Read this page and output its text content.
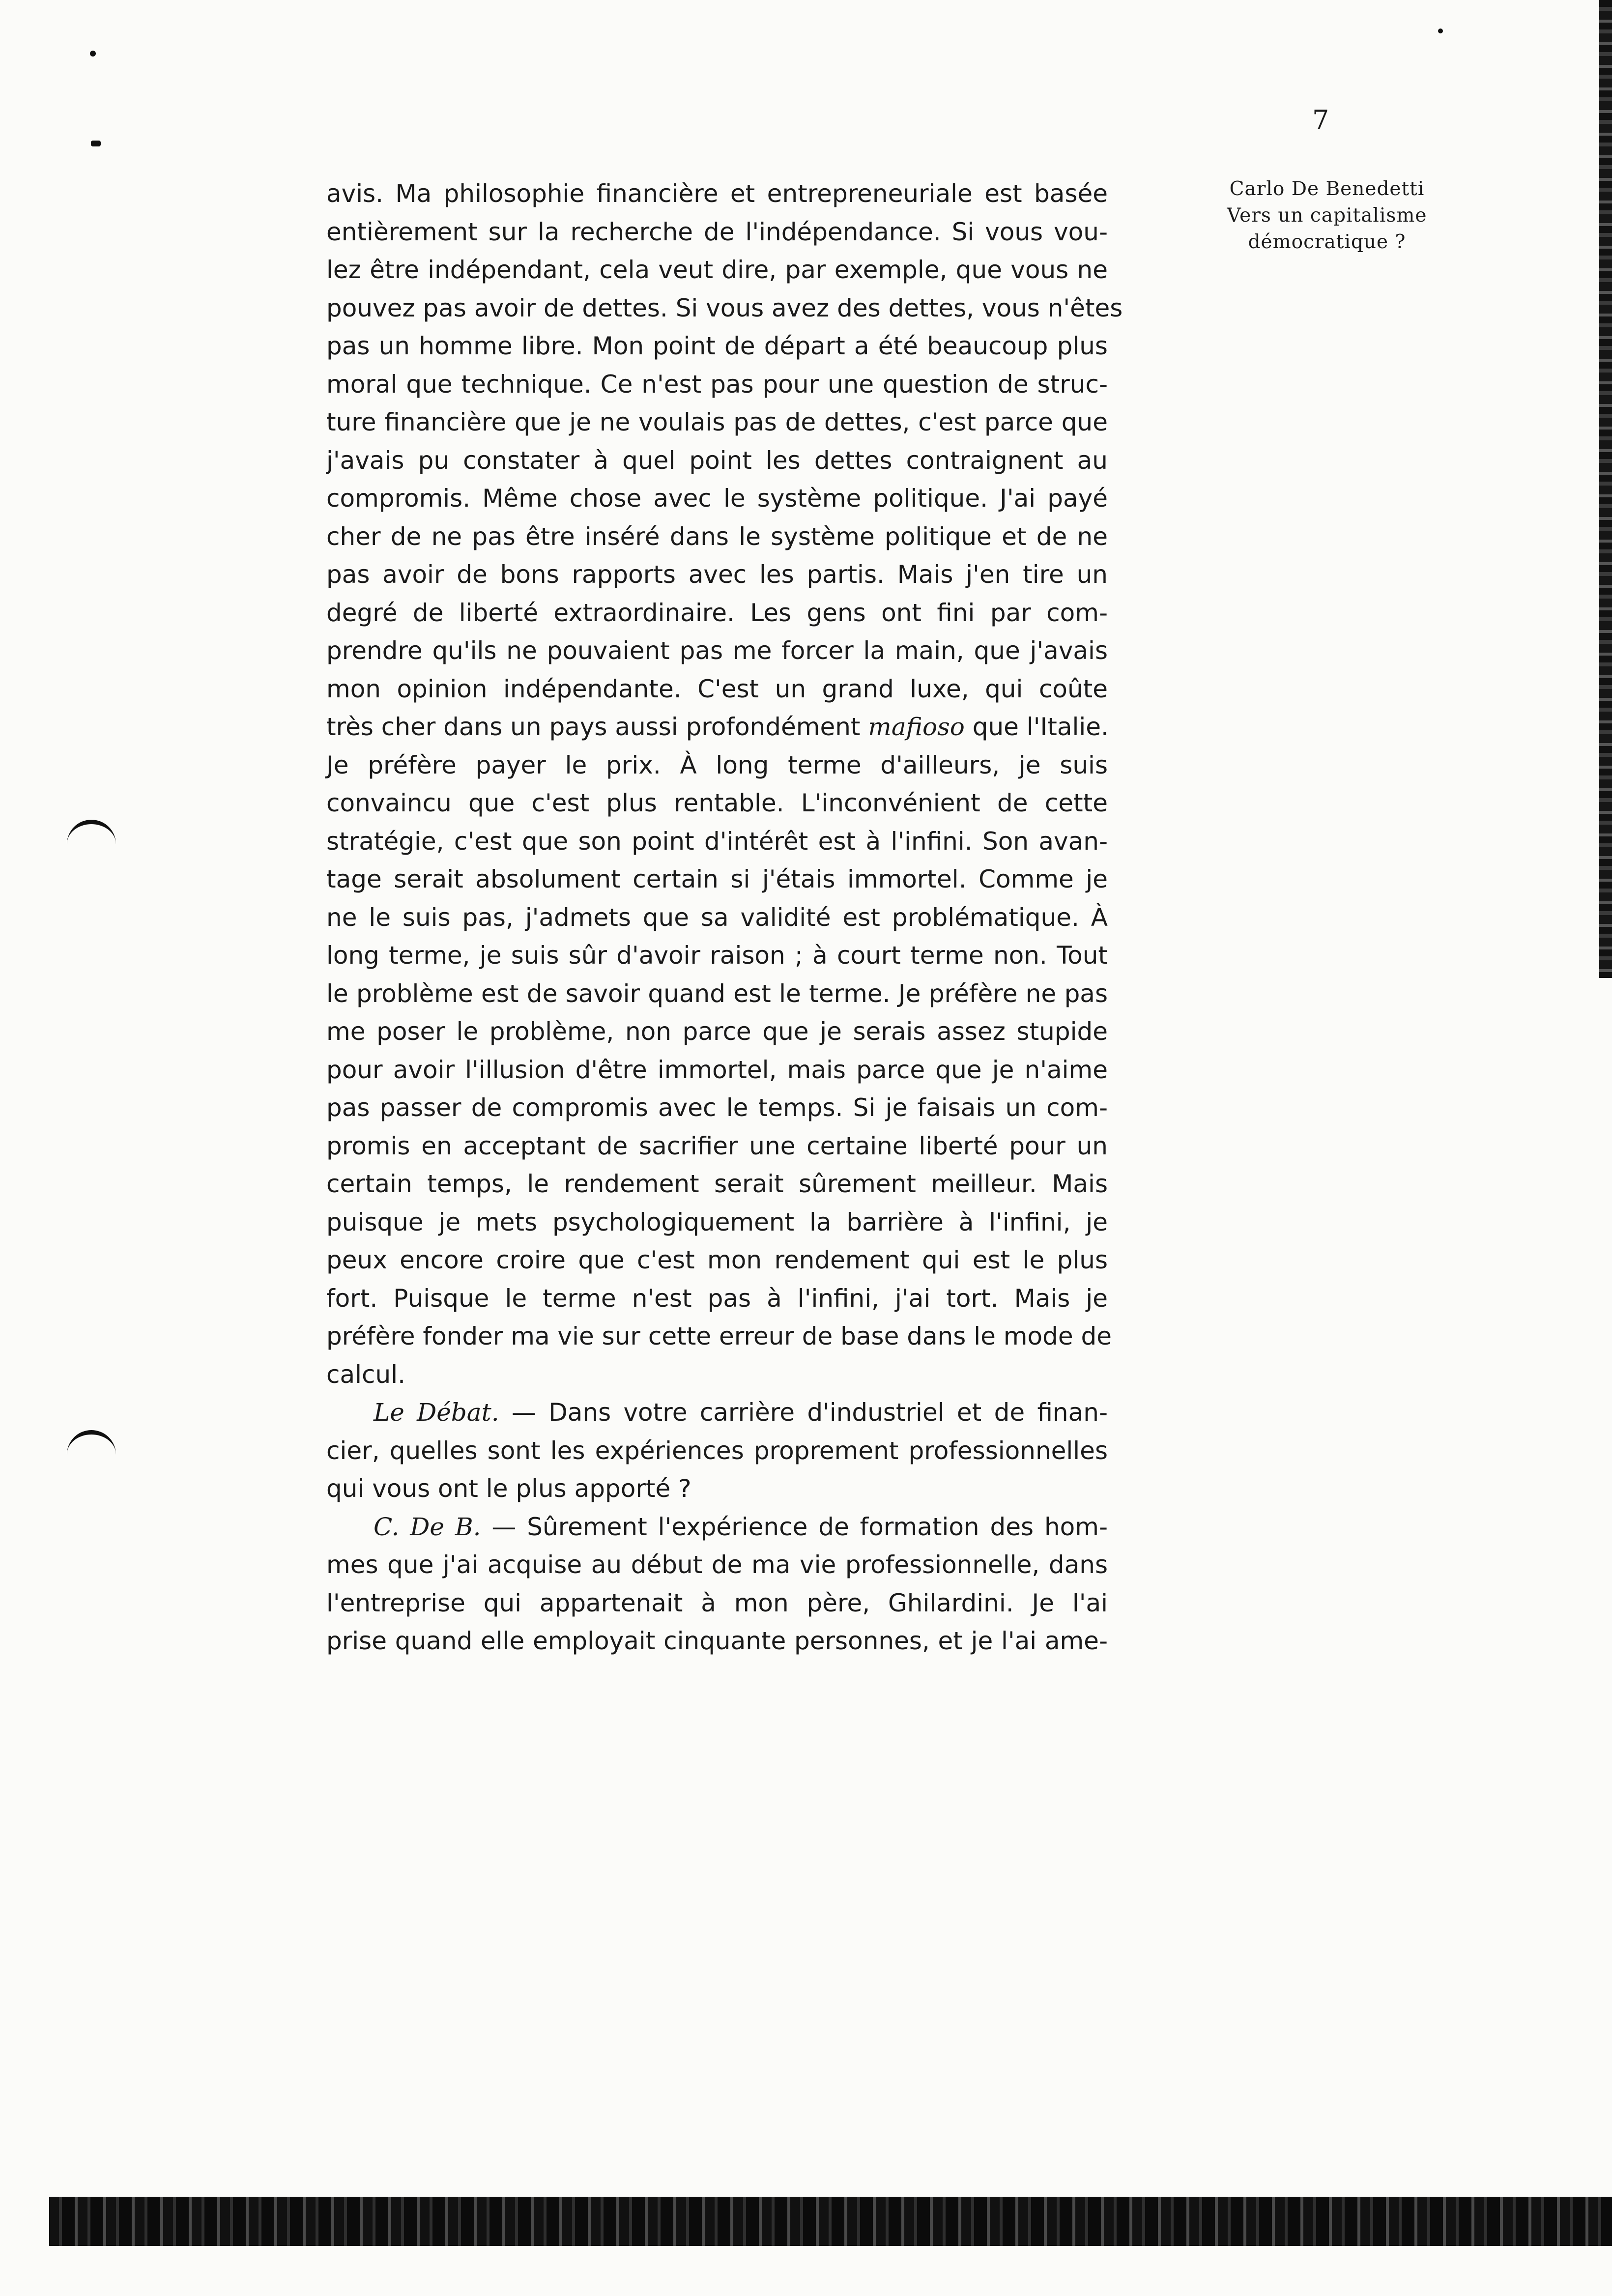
7
Carlo De Benedetti
Vers un capitalisme
démocratique ?
avis. Ma philosophie financière et entrepreneuriale est basée
entièrement sur la recherche de l'indépendance. Si vous vou-
lez être indépendant, cela veut dire, par exemple, que vous ne
pouvez pas avoir de dettes. Si vous avez des dettes, vous n'êtes
pas un homme libre. Mon point de départ a été beaucoup plus
moral que technique. Ce n'est pas pour une question de struc-
ture financière que je ne voulais pas de dettes, c'est parce que
j'avais pu constater à quel point les dettes contraignent au
compromis. Même chose avec le système politique. J'ai payé
cher de ne pas être inséré dans le système politique et de ne
pas avoir de bons rapports avec les partis. Mais j'en tire un
degré de liberté extraordinaire. Les gens ont fini par com-
prendre qu'ils ne pouvaient pas me forcer la main, que j'avais
mon opinion indépendante. C'est un grand luxe, qui coûte
très cher dans un pays aussi profondément mafioso que l'Italie.
Je préfère payer le prix. À long terme d'ailleurs, je suis
convaincu que c'est plus rentable. L'inconvénient de cette
stratégie, c'est que son point d'intérêt est à l'infini. Son avan-
tage serait absolument certain si j'étais immortel. Comme je
ne le suis pas, j'admets que sa validité est problématique. À
long terme, je suis sûr d'avoir raison ; à court terme non. Tout
le problème est de savoir quand est le terme. Je préfère ne pas
me poser le problème, non parce que je serais assez stupide
pour avoir l'illusion d'être immortel, mais parce que je n'aime
pas passer de compromis avec le temps. Si je faisais un com-
promis en acceptant de sacrifier une certaine liberté pour un
certain temps, le rendement serait sûrement meilleur. Mais
puisque je mets psychologiquement la barrière à l'infini, je
peux encore croire que c'est mon rendement qui est le plus
fort. Puisque le terme n'est pas à l'infini, j'ai tort. Mais je
préfère fonder ma vie sur cette erreur de base dans le mode de
calcul.
Le Débat. — Dans votre carrière d'industriel et de finan-
cier, quelles sont les expériences proprement professionnelles
qui vous ont le plus apporté ?
C. De B. — Sûrement l'expérience de formation des hom-
mes que j'ai acquise au début de ma vie professionnelle, dans
l'entreprise qui appartenait à mon père, Ghilardini. Je l'ai
prise quand elle employait cinquante personnes, et je l'ai ame-
